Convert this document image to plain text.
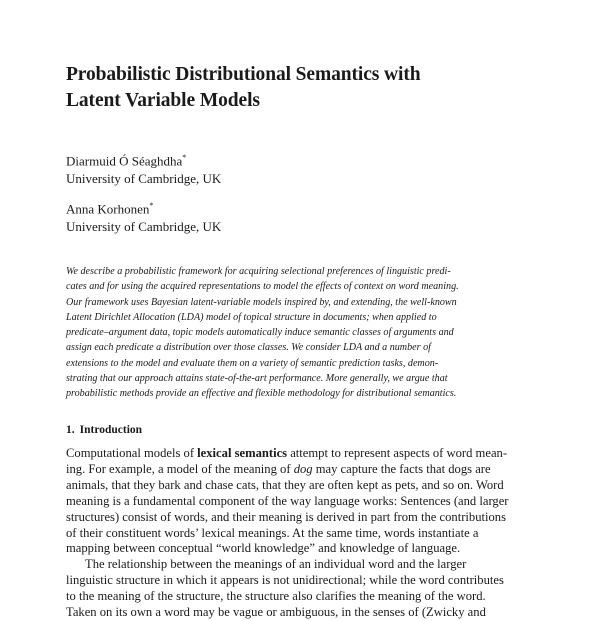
Probabilistic Distributional Semantics with
Latent Variable Models
Diarmuid Ó Séaghdha*
University of Cambridge, UK
Anna Korhonen*
University of Cambridge, UK
We describe a probabilistic framework for acquiring selectional preferences of linguistic predi-
cates and for using the acquired representations to model the effects of context on word meaning.
Our framework uses Bayesian latent-variable models inspired by, and extending, the well-known
Latent Dirichlet Allocation (LDA) model of topical structure in documents; when applied to
predicate–argument data, topic models automatically induce semantic classes of arguments and
assign each predicate a distribution over those classes. We consider LDA and a number of
extensions to the model and evaluate them on a variety of semantic prediction tasks, demon-
strating that our approach attains state-of-the-art performance. More generally, we argue that
probabilistic methods provide an effective and flexible methodology for distributional semantics.
1. Introduction
Computational models of lexical semantics attempt to represent aspects of word mean-
ing. For example, a model of the meaning of dog may capture the facts that dogs are
animals, that they bark and chase cats, that they are often kept as pets, and so on. Word
meaning is a fundamental component of the way language works: Sentences (and larger
structures) consist of words, and their meaning is derived in part from the contributions
of their constituent words’ lexical meanings. At the same time, words instantiate a
mapping between conceptual “world knowledge” and knowledge of language.
The relationship between the meanings of an individual word and the larger
linguistic structure in which it appears is not unidirectional; while the word contributes
to the meaning of the structure, the structure also clarifies the meaning of the word.
Taken on its own a word may be vague or ambiguous, in the senses of (Zwicky and
